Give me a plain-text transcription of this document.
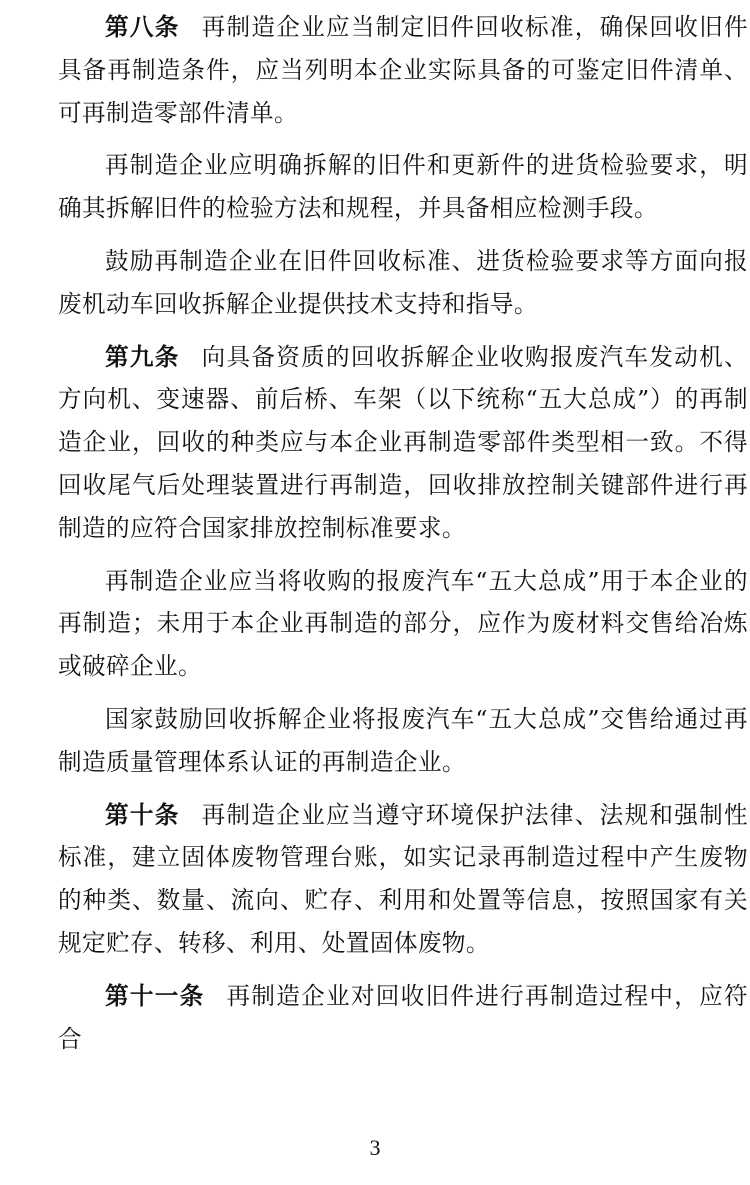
第八条 再制造企业应当制定旧件回收标准，确保回收旧件具备再制造条件，应当列明本企业实际具备的可鉴定旧件清单、可再制造零部件清单。

再制造企业应明确拆解的旧件和更新件的进货检验要求，明确其拆解旧件的检验方法和规程，并具备相应检测手段。

鼓励再制造企业在旧件回收标准、进货检验要求等方面向报废机动车回收拆解企业提供技术支持和指导。

第九条 向具备资质的回收拆解企业收购报废汽车发动机、方向机、变速器、前后桥、车架（以下统称“五大总成”）的再制造企业，回收的种类应与本企业再制造零部件类型相一致。不得回收尾气后处理装置进行再制造，回收排放控制关键部件进行再制造的应符合国家排放控制标准要求。

再制造企业应当将收购的报废汽车“五大总成”用于本企业的再制造；未用于本企业再制造的部分，应作为废材料交售给冶炼或破碎企业。

国家鼓励回收拆解企业将报废汽车“五大总成”交售给通过再制造质量管理体系认证的再制造企业。

第十条 再制造企业应当遵守环境保护法律、法规和强制性标准，建立固体废物管理台账，如实记录再制造过程中产生废物的种类、数量、流向、贮存、利用和处置等信息，按照国家有关规定贮存、转移、利用、处置固体废物。

第十一条 再制造企业对回收旧件进行再制造过程中，应符合

3
